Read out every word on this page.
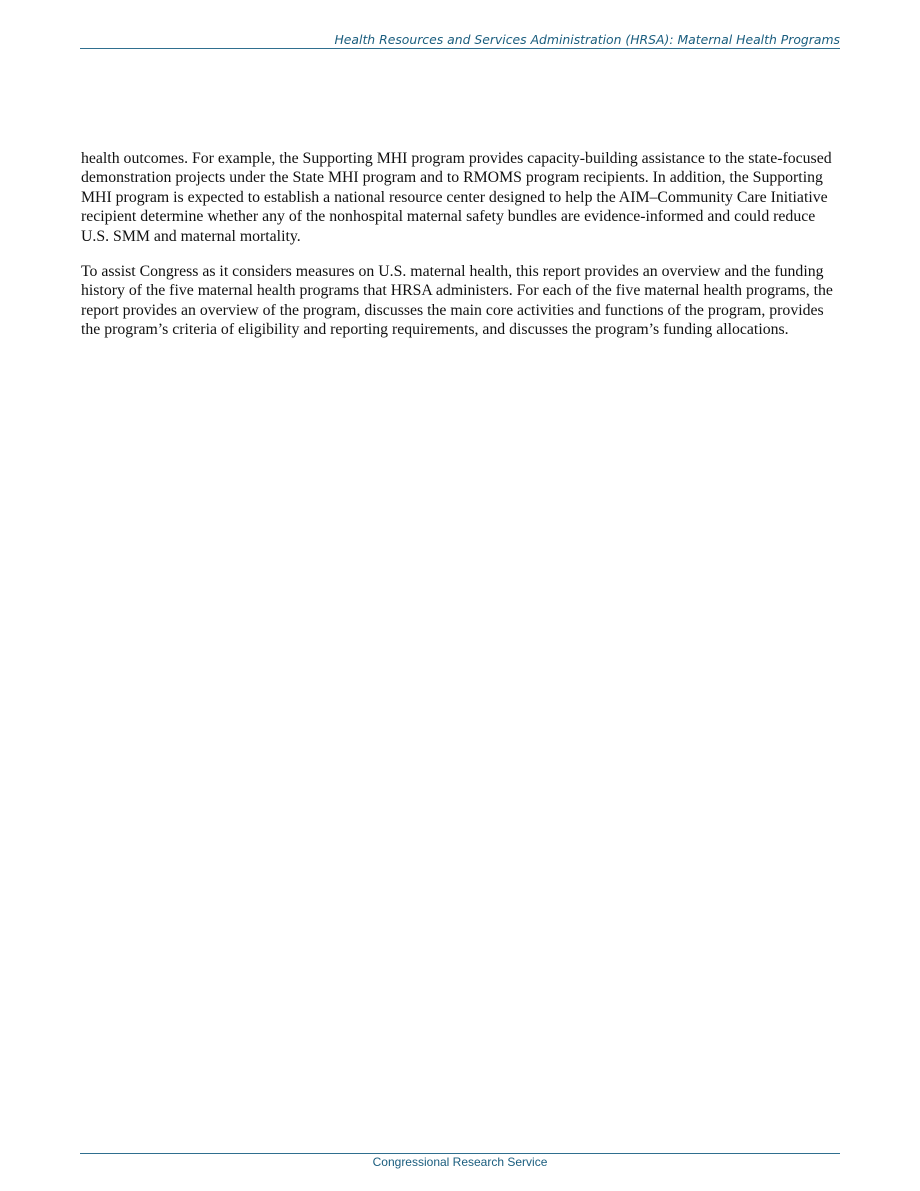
Health Resources and Services Administration (HRSA): Maternal Health Programs

health outcomes. For example, the Supporting MHI program provides capacity-building assistance to the state-focused demonstration projects under the State MHI program and to RMOMS program recipients. In addition, the Supporting MHI program is expected to establish a national resource center designed to help the AIM–Community Care Initiative recipient determine whether any of the nonhospital maternal safety bundles are evidence-informed and could reduce U.S. SMM and maternal mortality.

To assist Congress as it considers measures on U.S. maternal health, this report provides an overview and the funding history of the five maternal health programs that HRSA administers. For each of the five maternal health programs, the report provides an overview of the program, discusses the main core activities and functions of the program, provides the program’s criteria of eligibility and reporting requirements, and discusses the program’s funding allocations.

Congressional Research Service
